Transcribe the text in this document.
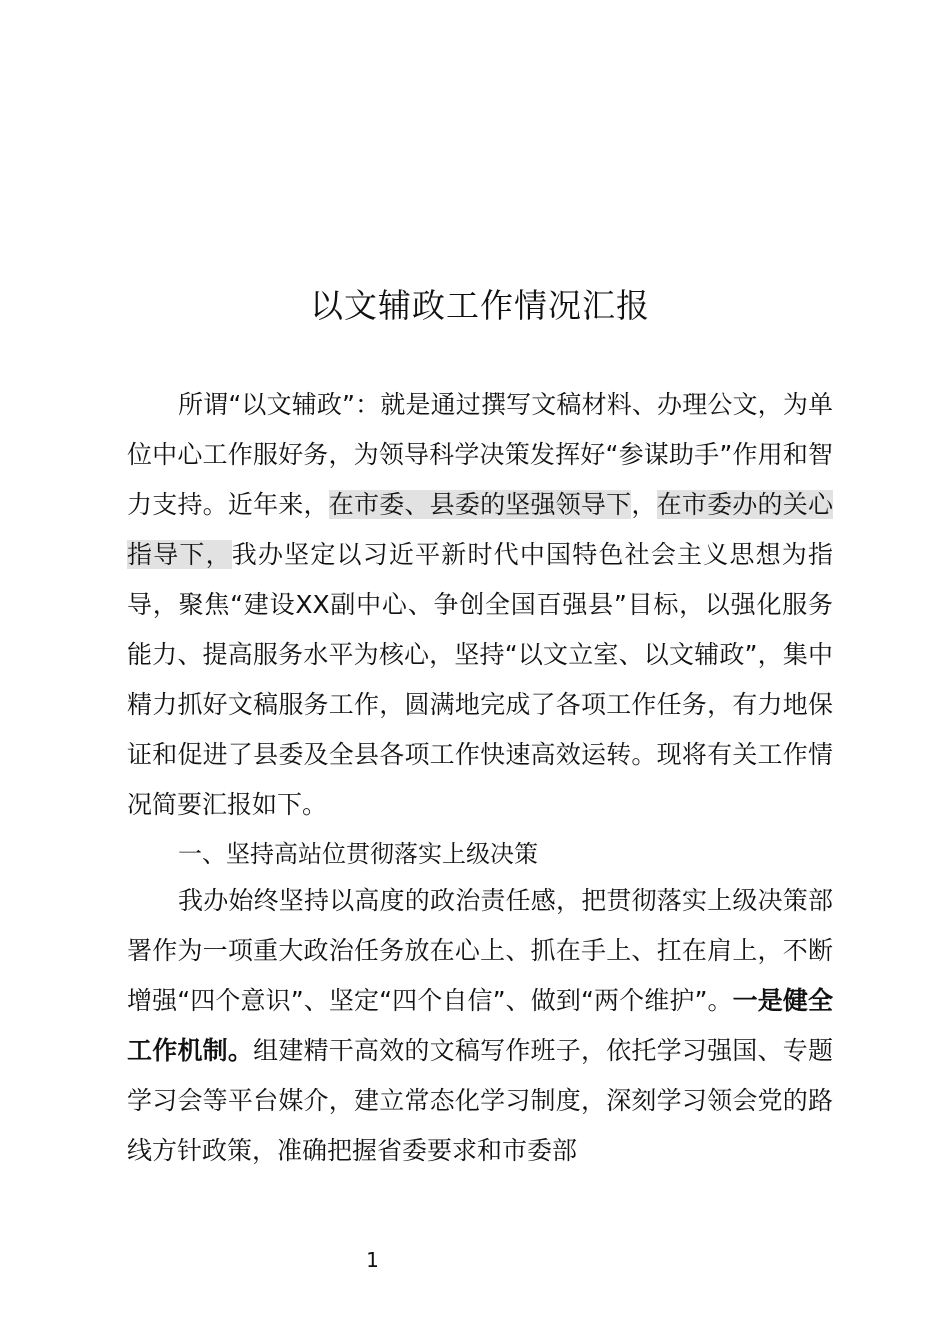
以文辅政工作情况汇报

所谓“以文辅政”：就是通过撰写文稿材料、办理公文，为单位中心工作服好务，为领导科学决策发挥好“参谋助手”作用和智力支持。近年来，在市委、县委的坚强领导下，在市委办的关心指导下，我办坚定以习近平新时代中国特色社会主义思想为指导，聚焦“建设XX副中心、争创全国百强县”目标，以强化服务能力、提高服务水平为核心，坚持“以文立室、以文辅政”，集中精力抓好文稿服务工作，圆满地完成了各项工作任务，有力地保证和促进了县委及全县各项工作快速高效运转。现将有关工作情况简要汇报如下。

一、坚持高站位贯彻落实上级决策

我办始终坚持以高度的政治责任感，把贯彻落实上级决策部署作为一项重大政治任务放在心上、抓在手上、扛在肩上，不断增强“四个意识”、坚定“四个自信”、做到“两个维护”。一是健全工作机制。组建精干高效的文稿写作班子，依托学习强国、专题学习会等平台媒介，建立常态化学习制度，深刻学习领会党的路线方针政策，准确把握省委要求和市委部

1
